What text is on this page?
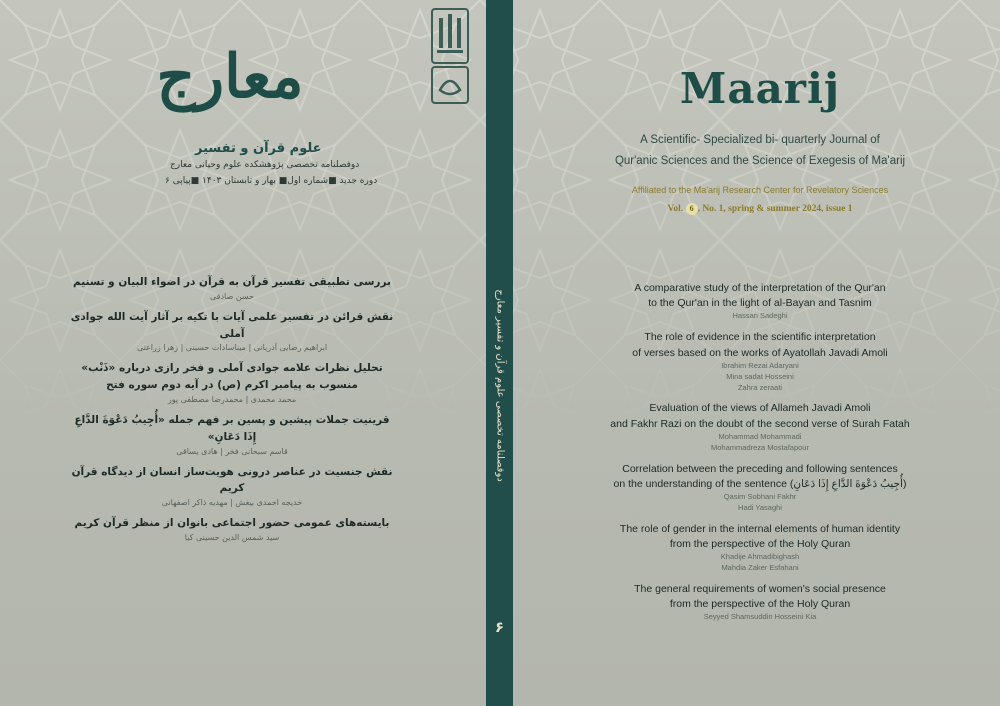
معارج
علوم قرآن و تفسیر
دوفصلنامه تخصصی پژوهشکده علوم وحیانی معارج
دوره جدید ■شماره اول■ بهار و تابستان ۱۴۰۳ ■پیاپی ۶
بررسی تطبیقی تفسیر قرآن به قرآن در اضواء البیان و تسنیم
حسن صادقی
نقش قرائن در تفسیر علمی آیات با تکیه بر آثار آیت الله جوادی آملی
ابراهیم رضایی آدریانی | میناسادات حسینی | زهرا زراعتی
تحلیل نظرات علامه جوادی آملی و فخر رازی درباره «ذَنْب» منسوب به پیامبر اکرم (ص) در آیه دوم سوره فتح
محمد محمدی | محمدرضا مصطفی پور
قرینیت جملات پیشین و پسین بر فهم جمله «أُجِیبُ دَعْوَةَ الدَّاعِ إِذَا دَعَانِ»
قاسم سبحانی فخر | هادی یساقی
نقش جنسیت در عناصر درونی هویت‌ساز انسان از دیدگاه قرآن کریم
خدیجه احمدی بیغش | مهدیه ذاکر اصفهانی
بایسته‌های عمومی حضور اجتماعی بانوان از منظر قرآن کریم
سید شمس الدین حسینی کیا
دوفصلنامه تخصصی علوم قرآن و تفسیر معارج
۶
Maarij
A Scientific- Specialized bi- quarterly Journal of
Qur'anic Sciences and the Science of Exegesis of Ma'arij
Affiliated to the Ma'arij Research Center for Revelatory Sciences
Vol. 6 , No. 1, spring & summer 2024, issue 1
A comparative study of the interpretation of the Qur'an
to the Qur'an in the light of al-Bayan and Tasnim
Hassan Sadeghi
The role of evidence in the scientific interpretation
of verses based on the works of Ayatollah Javadi Amoli
Ibrahim Rezai Adaryani
Mina sadat Hosseini
Zahra zeraati
Evaluation of the views of Allameh Javadi Amoli
and Fakhr Razi on the doubt of the second verse of Surah Fatah
Mohammad Mohammadi
Mohammadreza Mostafapour
Correlation between the preceding and following sentences
on the understanding of the sentence (أُجِیبُ دَعْوَةَ الدَّاعِ إِذَا دَعَانِ)
Qasim Sobhani Fakhr
Hadi Yasaghi
The role of gender in the internal elements of human identity
from the perspective of the Holy Quran
Khadije Ahmadibighash
Mahdia Zaker Esfahani
The general requirements of women's social presence
from the perspective of the Holy Quran
Seyyed Shamsuddin Hosseini Kia
